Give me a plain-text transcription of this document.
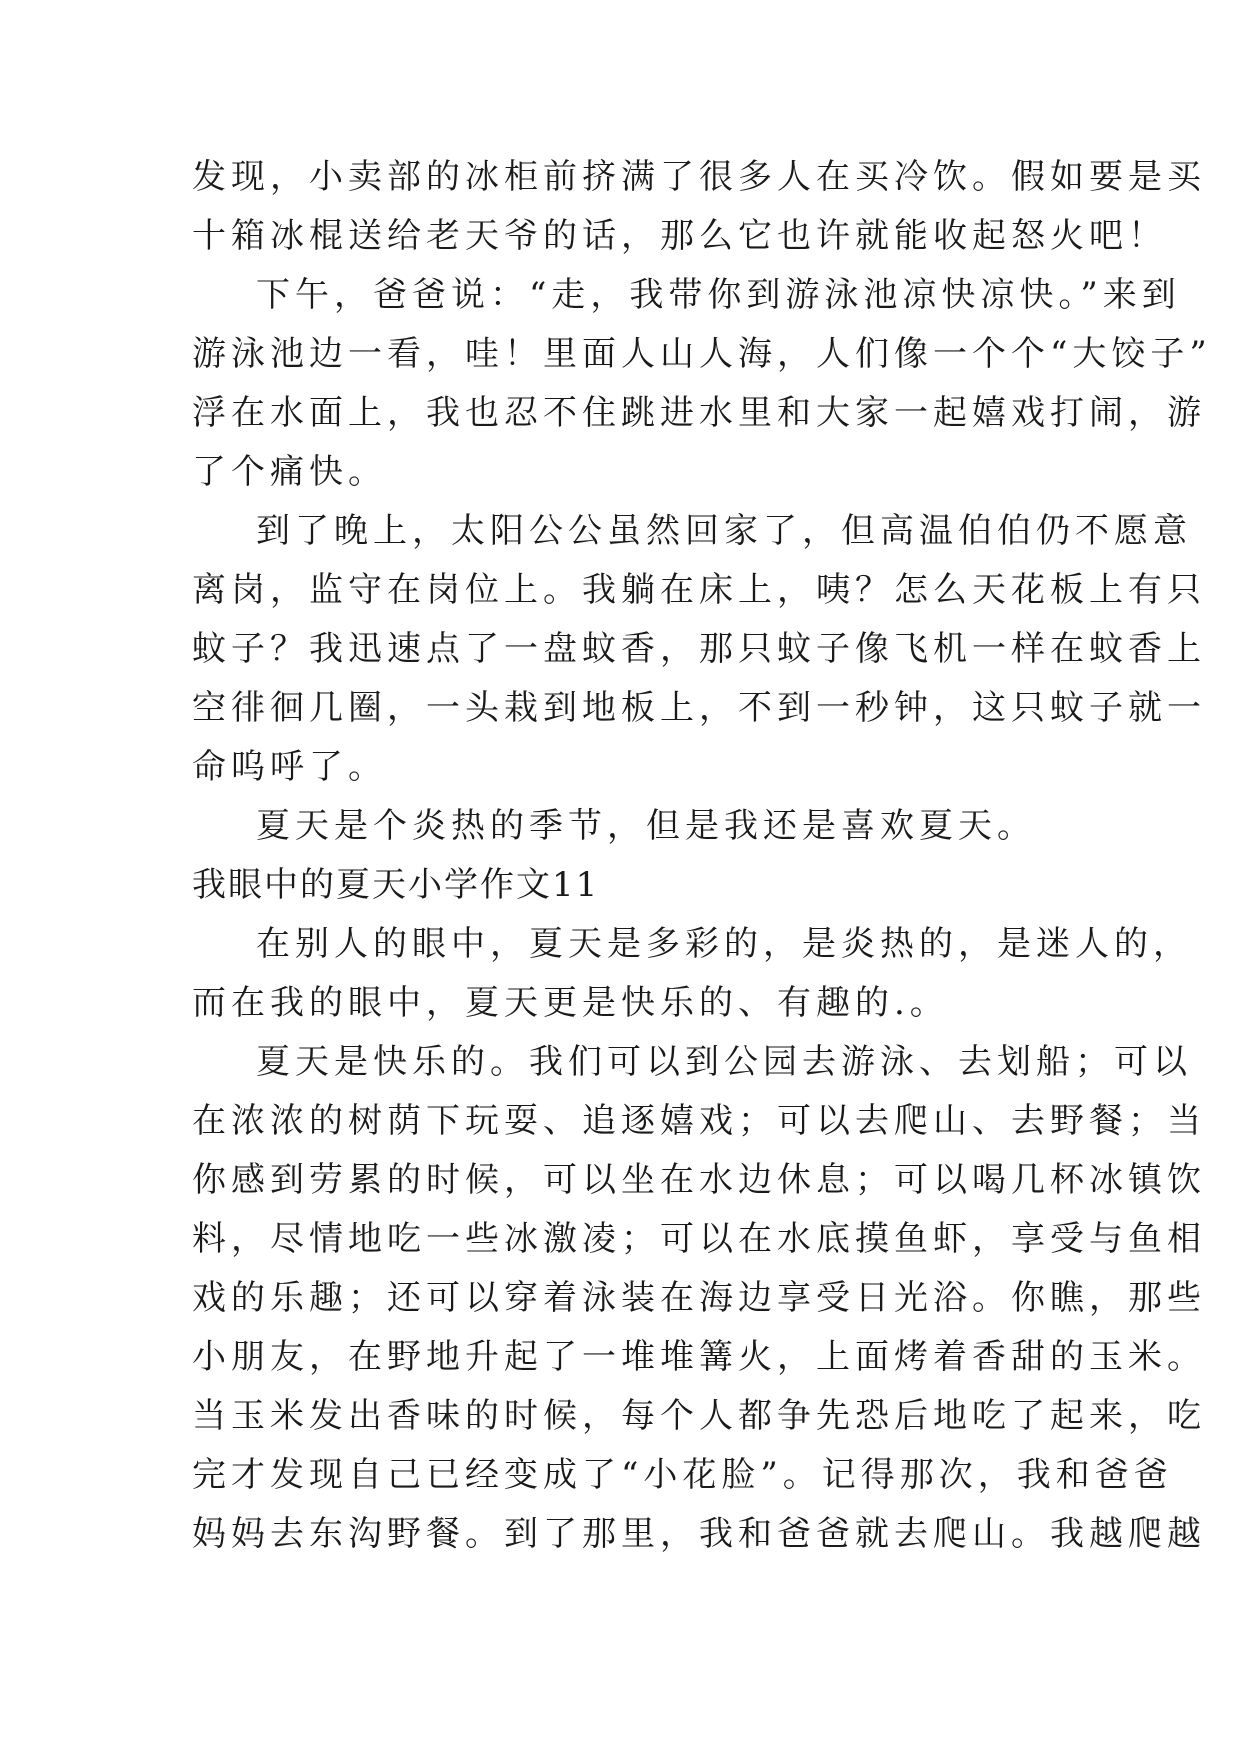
发现，小卖部的冰柜前挤满了很多人在买冷饮。假如要是买
十箱冰棍送给老天爷的话，那么它也许就能收起怒火吧！
下午，爸爸说：“走，我带你到游泳池凉快凉快。”来到
游泳池边一看，哇！里面人山人海，人们像一个个“大饺子”
浮在水面上，我也忍不住跳进水里和大家一起嬉戏打闹，游
了个痛快。
到了晚上，太阳公公虽然回家了，但高温伯伯仍不愿意
离岗，监守在岗位上。我躺在床上，咦？怎么天花板上有只
蚊子？我迅速点了一盘蚊香，那只蚊子像飞机一样在蚊香上
空徘徊几圈，一头栽到地板上，不到一秒钟，这只蚊子就一
命呜呼了。
夏天是个炎热的季节，但是我还是喜欢夏天。
我眼中的夏天小学作文11
在别人的眼中，夏天是多彩的，是炎热的，是迷人的，
而在我的眼中，夏天更是快乐的、有趣的.。
夏天是快乐的。我们可以到公园去游泳、去划船；可以
在浓浓的树荫下玩耍、追逐嬉戏；可以去爬山、去野餐；当
你感到劳累的时候，可以坐在水边休息；可以喝几杯冰镇饮
料，尽情地吃一些冰激凌；可以在水底摸鱼虾，享受与鱼相
戏的乐趣；还可以穿着泳装在海边享受日光浴。你瞧，那些
小朋友，在野地升起了一堆堆篝火，上面烤着香甜的玉米。
当玉米发出香味的时候，每个人都争先恐后地吃了起来，吃
完才发现自己已经变成了“小花脸”。记得那次，我和爸爸
妈妈去东沟野餐。到了那里，我和爸爸就去爬山。我越爬越
